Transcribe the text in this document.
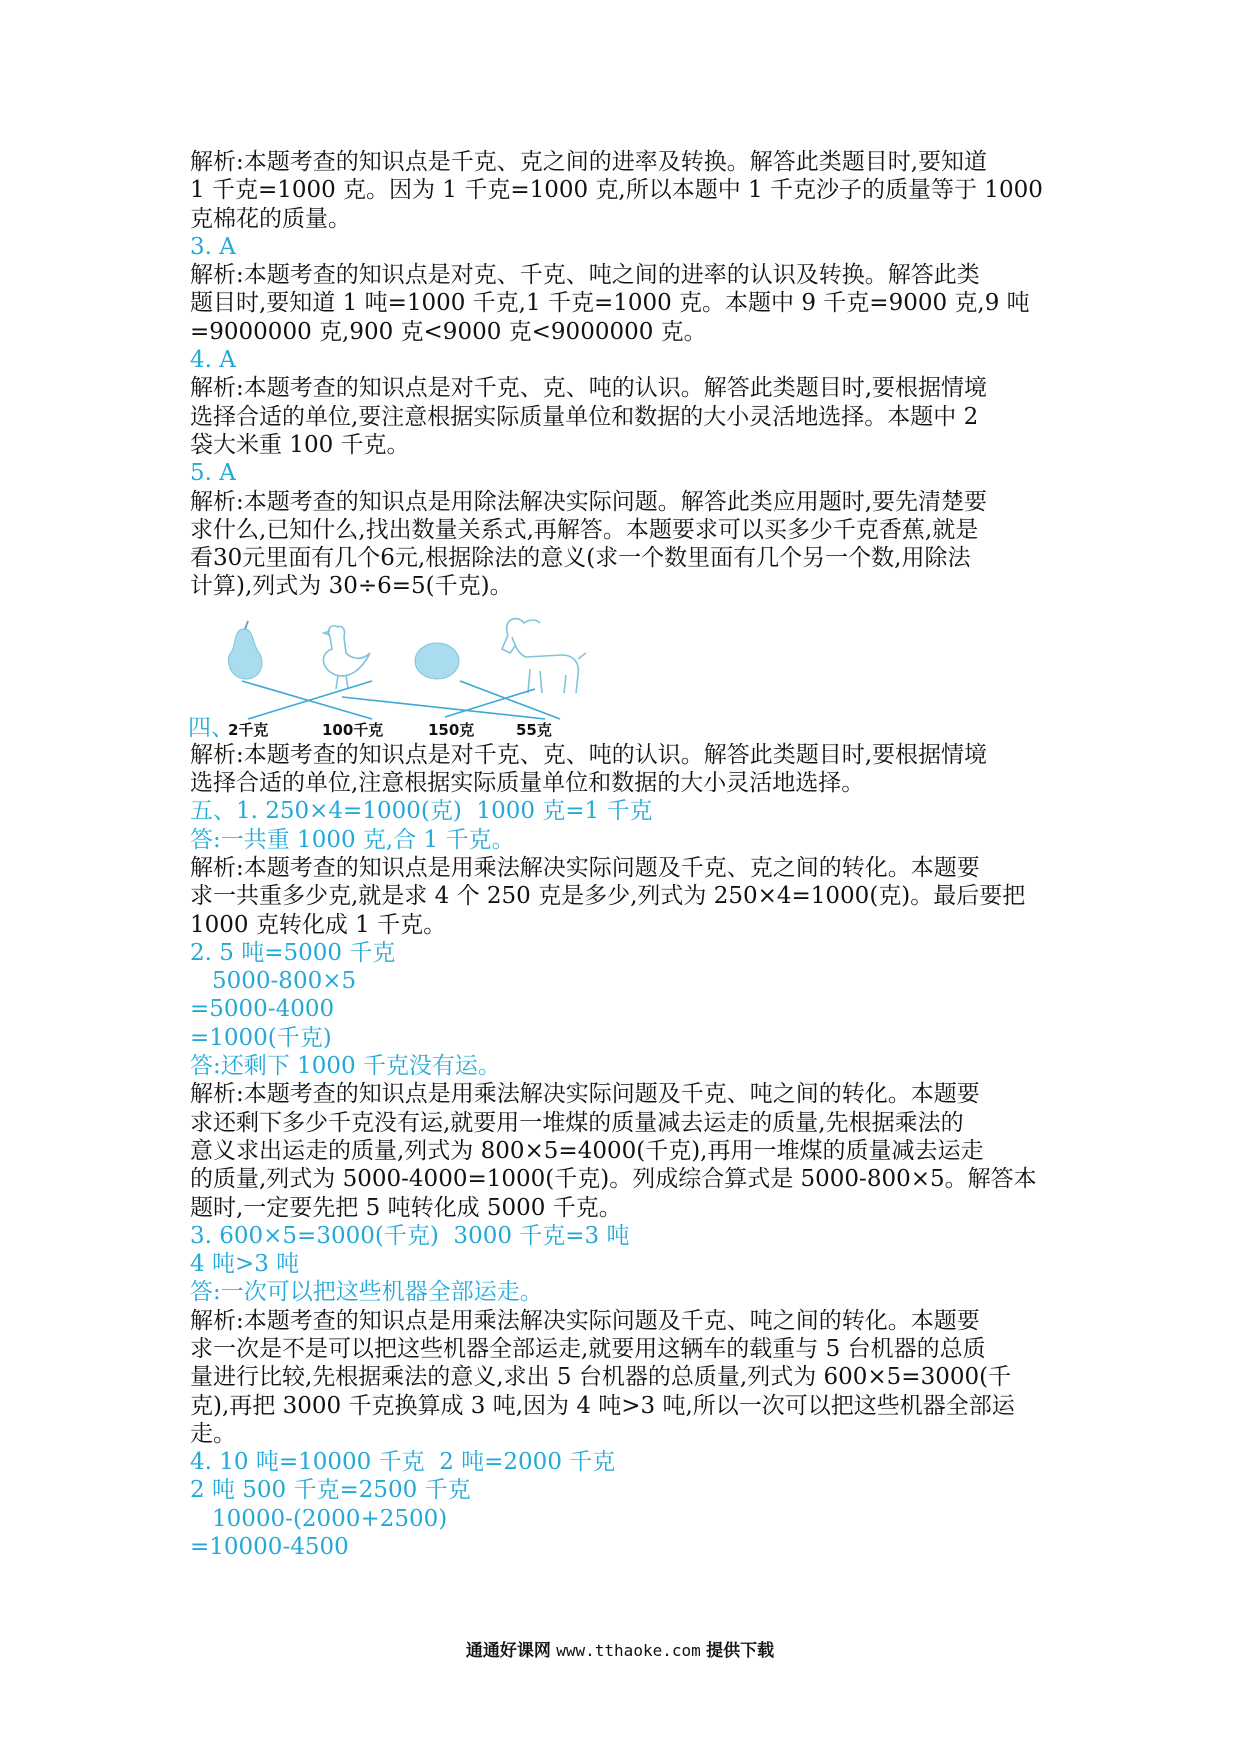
解析:本题考查的知识点是千克、克之间的进率及转换。解答此类题目时,要知道
1 千克=1000 克。因为 1 千克=1000 克,所以本题中 1 千克沙子的质量等于 1000
克棉花的质量。
3. A
解析:本题考查的知识点是对克、千克、吨之间的进率的认识及转换。解答此类
题目时,要知道 1 吨=1000 千克,1 千克=1000 克。本题中 9 千克=9000 克,9 吨
=9000000 克,900 克<9000 克<9000000 克。
4. A
解析:本题考查的知识点是对千克、克、吨的认识。解答此类题目时,要根据情境
选择合适的单位,要注意根据实际质量单位和数据的大小灵活地选择。本题中 2
袋大米重 100 千克。
5. A
解析:本题考查的知识点是用除法解决实际问题。解答此类应用题时,要先清楚要
求什么,已知什么,找出数量关系式,再解答。本题要求可以买多少千克香蕉,就是
看30元里面有几个6元,根据除法的意义(求一个数里面有几个另一个数,用除法
计算),列式为 30÷6=5(千克)。
四、
2千克	100千克	150克	55克
解析:本题考查的知识点是对千克、克、吨的认识。解答此类题目时,要根据情境
选择合适的单位,注意根据实际质量单位和数据的大小灵活地选择。
五、1. 250×4=1000(克)  1000 克=1 千克
答:一共重 1000 克,合 1 千克。
解析:本题考查的知识点是用乘法解决实际问题及千克、克之间的转化。本题要
求一共重多少克,就是求 4 个 250 克是多少,列式为 250×4=1000(克)。最后要把
1000 克转化成 1 千克。
2. 5 吨=5000 千克
5000-800×5
=5000-4000
=1000(千克)
答:还剩下 1000 千克没有运。
解析:本题考查的知识点是用乘法解决实际问题及千克、吨之间的转化。本题要
求还剩下多少千克没有运,就要用一堆煤的质量减去运走的质量,先根据乘法的
意义求出运走的质量,列式为 800×5=4000(千克),再用一堆煤的质量减去运走
的质量,列式为 5000-4000=1000(千克)。列成综合算式是 5000-800×5。解答本
题时,一定要先把 5 吨转化成 5000 千克。
3. 600×5=3000(千克)  3000 千克=3 吨
4 吨>3 吨
答:一次可以把这些机器全部运走。
解析:本题考查的知识点是用乘法解决实际问题及千克、吨之间的转化。本题要
求一次是不是可以把这些机器全部运走,就要用这辆车的载重与 5 台机器的总质
量进行比较,先根据乘法的意义,求出 5 台机器的总质量,列式为 600×5=3000(千
克),再把 3000 千克换算成 3 吨,因为 4 吨>3 吨,所以一次可以把这些机器全部运
走。
4. 10 吨=10000 千克  2 吨=2000 千克
2 吨 500 千克=2500 千克
10000-(2000+2500)
=10000-4500
通通好课网 www.tthaoke.com 提供下载
